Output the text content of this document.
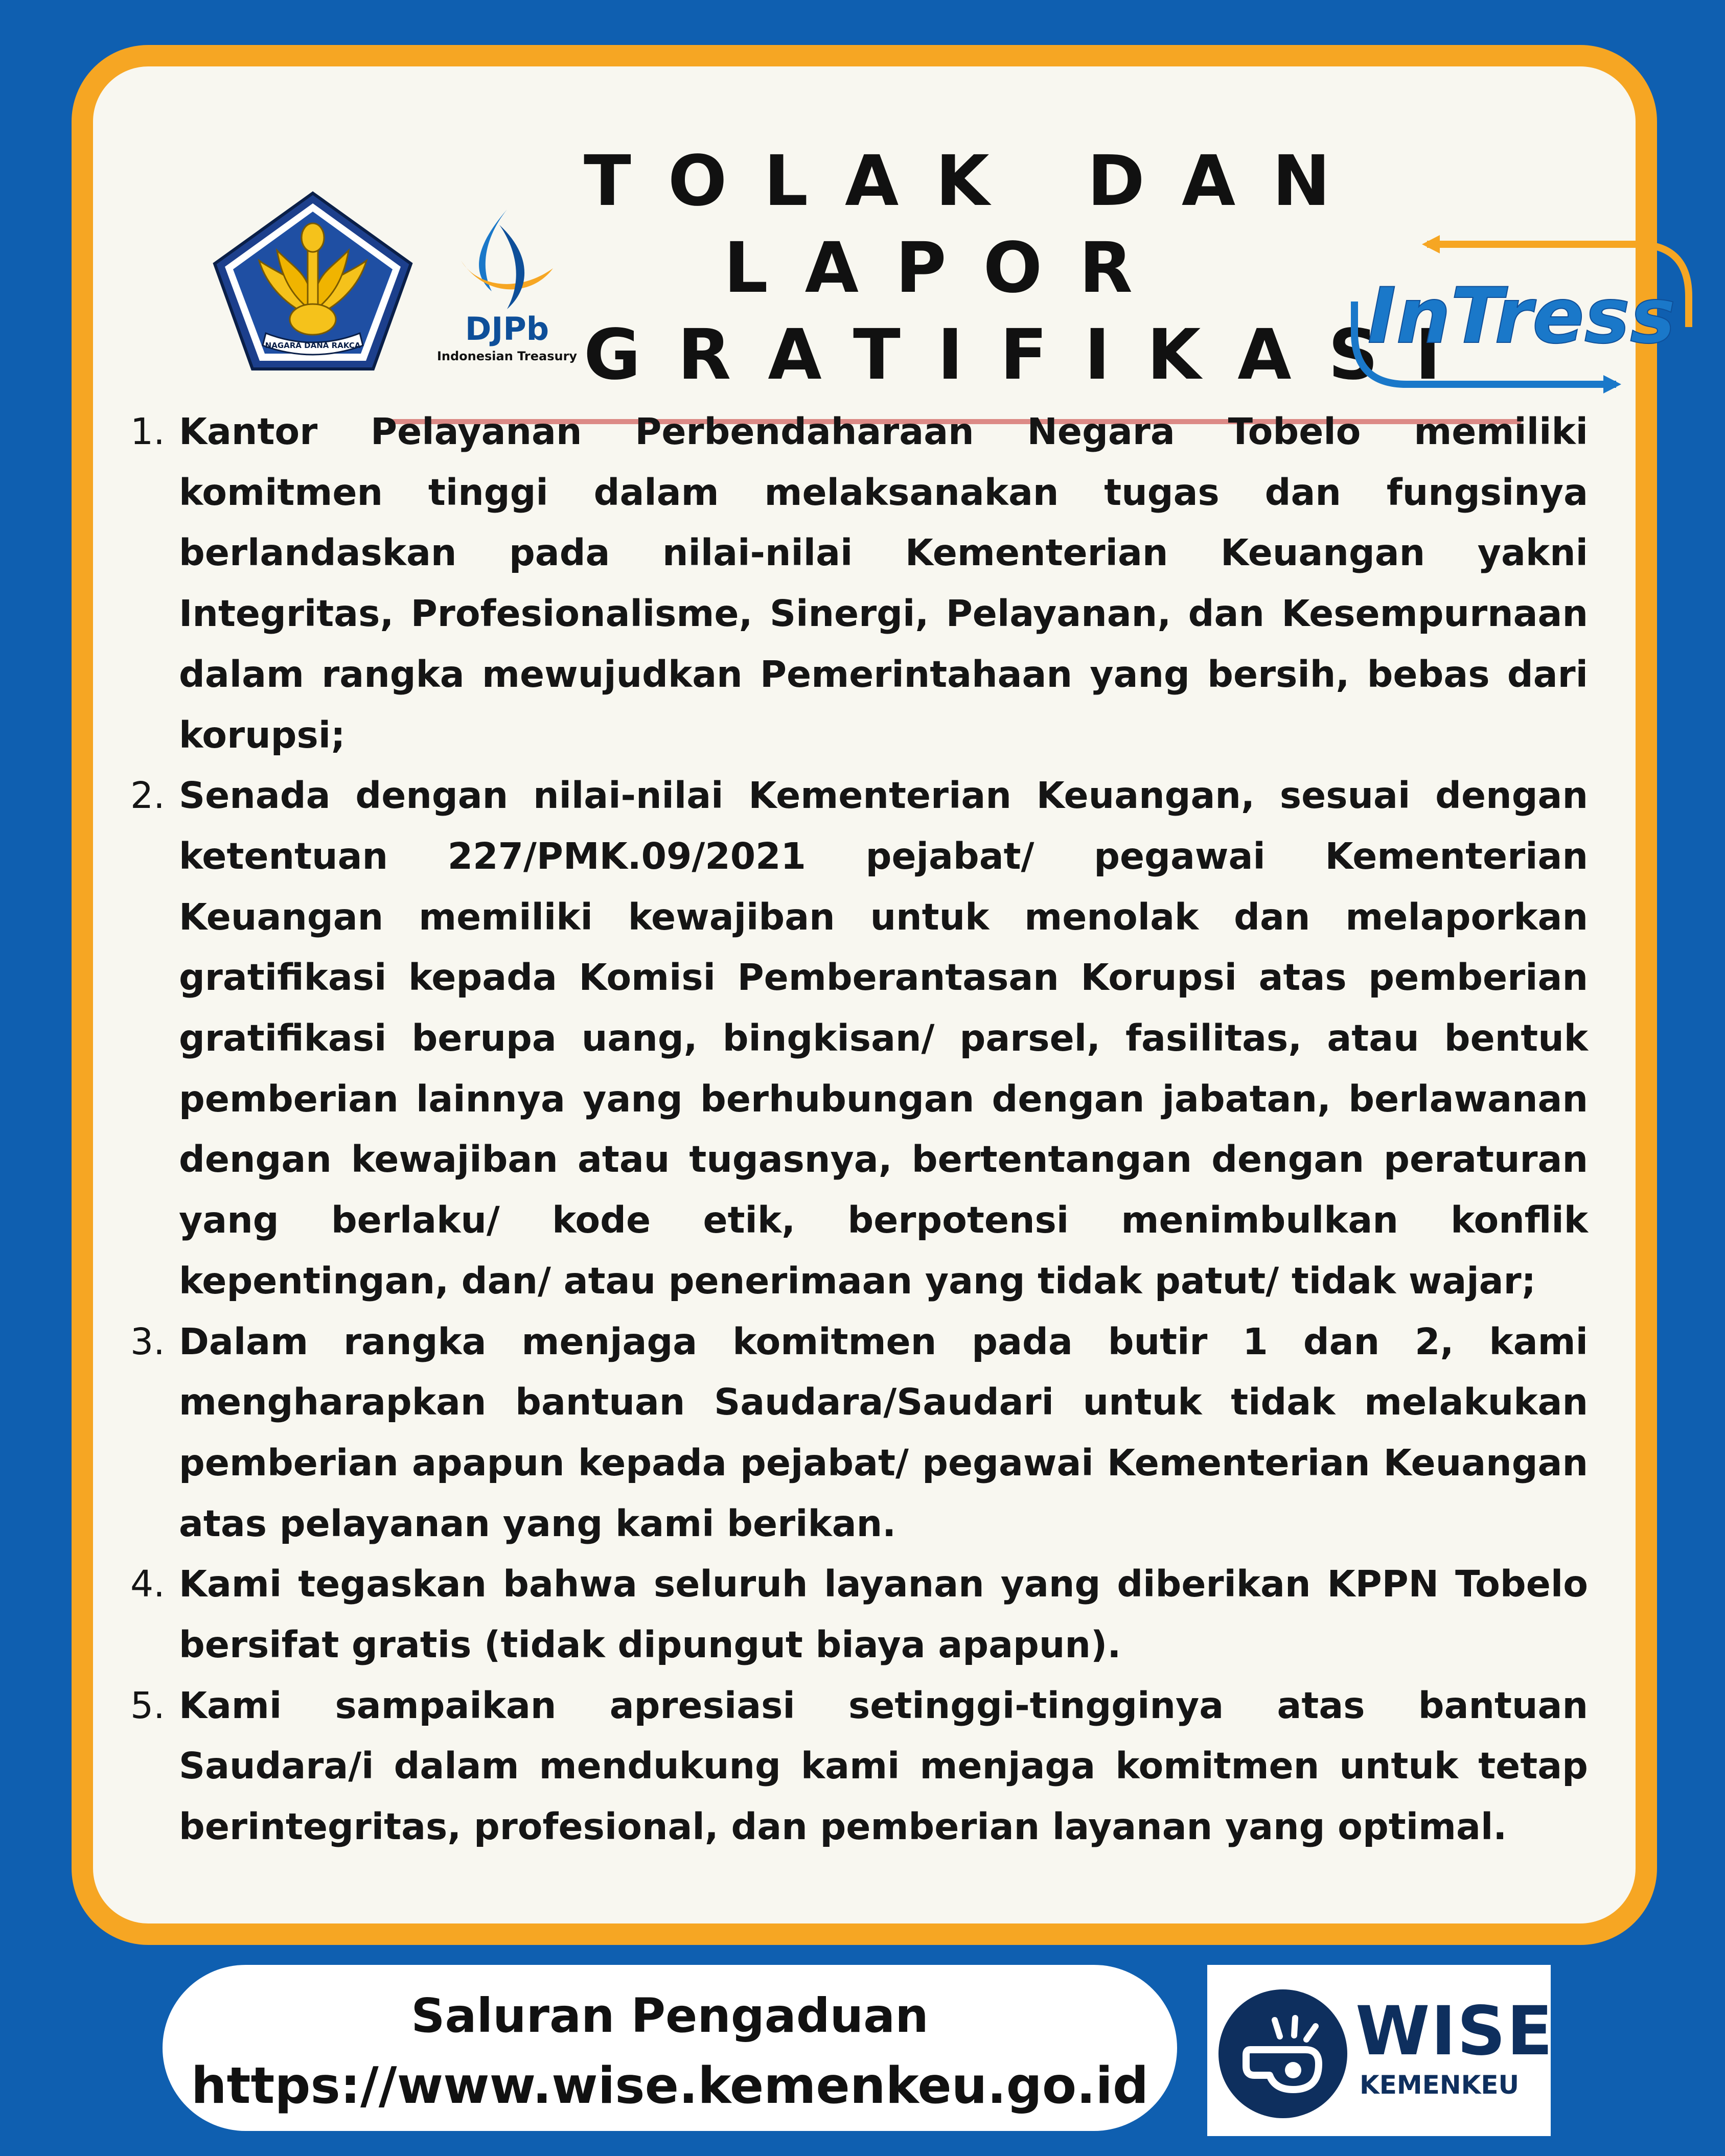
NAGARA DANA RAKCA	DJPb
Indonesian Treasury
TOLAK DAN
LAPOR
GRATIFIKASI
InTress
1. Kantor Pelayanan Perbendaharaan Negara Tobelo memiliki komitmen tinggi dalam melaksanakan tugas dan fungsinya berlandaskan pada nilai-nilai Kementerian Keuangan yakni Integritas, Profesionalisme, Sinergi, Pelayanan, dan Kesempurnaan dalam rangka mewujudkan Pemerintahaan yang bersih, bebas dari korupsi;
2. Senada dengan nilai-nilai Kementerian Keuangan, sesuai dengan ketentuan 227/PMK.09/2021 pejabat/ pegawai Kementerian Keuangan memiliki kewajiban untuk menolak dan melaporkan gratifikasi kepada Komisi Pemberantasan Korupsi atas pemberian gratifikasi berupa uang, bingkisan/ parsel, fasilitas, atau bentuk pemberian lainnya yang berhubungan dengan jabatan, berlawanan dengan kewajiban atau tugasnya, bertentangan dengan peraturan yang berlaku/ kode etik, berpotensi menimbulkan konflik kepentingan, dan/ atau penerimaan yang tidak patut/ tidak wajar;
3. Dalam rangka menjaga komitmen pada butir 1 dan 2, kami mengharapkan bantuan Saudara/Saudari untuk tidak melakukan pemberian apapun kepada pejabat/ pegawai Kementerian Keuangan atas pelayanan yang kami berikan.
4. Kami tegaskan bahwa seluruh layanan yang diberikan KPPN Tobelo bersifat gratis (tidak dipungut biaya apapun).
5. Kami sampaikan apresiasi setinggi-tingginya atas bantuan Saudara/i dalam mendukung kami menjaga komitmen untuk tetap berintegritas, profesional, dan pemberian layanan yang optimal.
Saluran Pengaduan
https://www.wise.kemenkeu.go.id
WISE
KEMENKEU
